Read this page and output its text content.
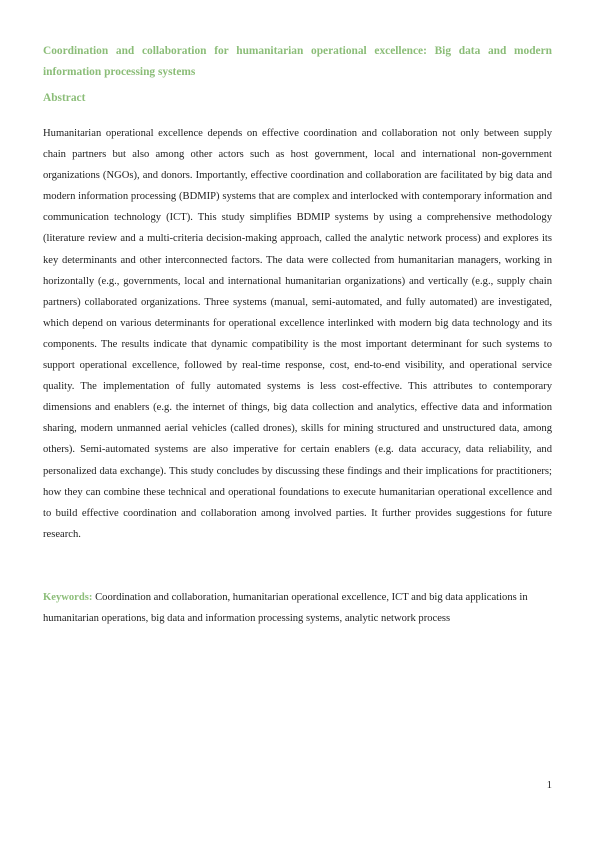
Coordination and collaboration for humanitarian operational excellence: Big data and modern information processing systems
Abstract

Humanitarian operational excellence depends on effective coordination and collaboration not only between supply chain partners but also among other actors such as host government, local and international non-government organizations (NGOs), and donors. Importantly, effective coordination and collaboration are facilitated by big data and modern information processing (BDMIP) systems that are complex and interlocked with contemporary information and communication technology (ICT). This study simplifies BDMIP systems by using a comprehensive methodology (literature review and a multi-criteria decision-making approach, called the analytic network process) and explores its key determinants and other interconnected factors. The data were collected from humanitarian managers, working in horizontally (e.g., governments, local and international humanitarian organizations) and vertically (e.g., supply chain partners) collaborated organizations. Three systems (manual, semi-automated, and fully automated) are investigated, which depend on various determinants for operational excellence interlinked with modern big data technology and its components. The results indicate that dynamic compatibility is the most important determinant for such systems to support operational excellence, followed by real-time response, cost, end-to-end visibility, and operational service quality. The implementation of fully automated systems is less cost-effective. This attributes to contemporary dimensions and enablers (e.g. the internet of things, big data collection and analytics, effective data and information sharing, modern unmanned aerial vehicles (called drones), skills for mining structured and unstructured data, among others). Semi-automated systems are also imperative for certain enablers (e.g. data accuracy, data reliability, and personalized data exchange). This study concludes by discussing these findings and their implications for practitioners; how they can combine these technical and operational foundations to execute humanitarian operational excellence and to build effective coordination and collaboration among involved parties. It further provides suggestions for future research.

Keywords: Coordination and collaboration, humanitarian operational excellence, ICT and big data applications in humanitarian operations, big data and information processing systems, analytic network process

1
